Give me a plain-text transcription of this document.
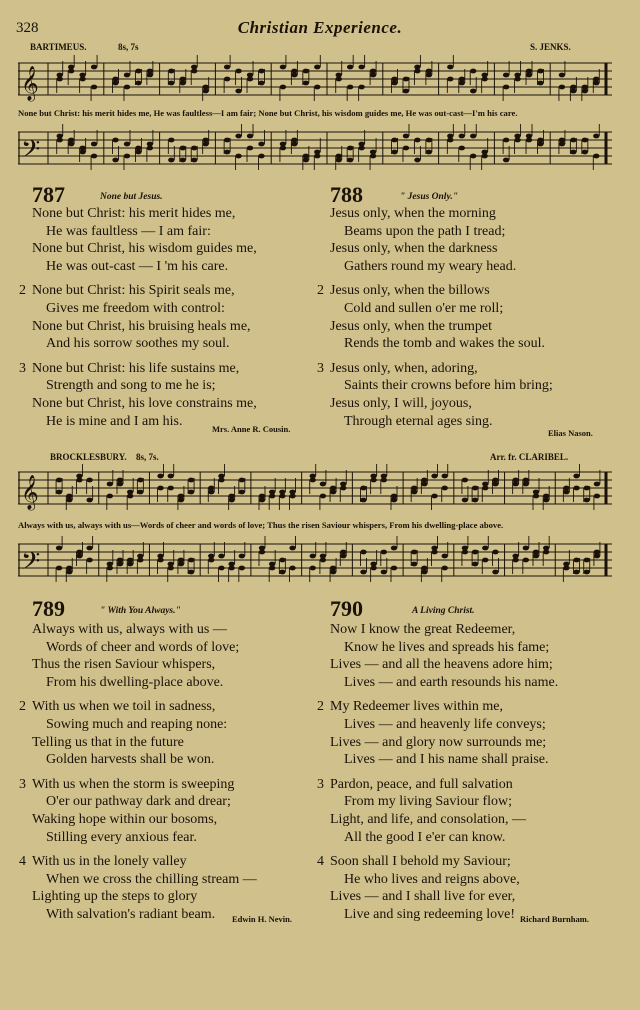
328	Christian Experience.
BARTIMEUS.	8s, 7s	S. JENKS.
𝄞
None but Christ: his merit hides me, He was faultless—I am fair; None but Christ, his wisdom guides me, He was out-cast—I'm his care.
𝄢
787	None but Jesus.
None but Christ: his merit hides me,
He was faultless — I am fair:
None but Christ, his wisdom guides me,
He was out-cast — I 'm his care.
2 None but Christ: his Spirit seals me,
Gives me freedom with control:
None but Christ, his bruising heals me,
And his sorrow soothes my soul.
3 None but Christ: his life sustains me,
Strength and song to me he is;
None but Christ, his love constrains me,
He is mine and I am his.
Mrs. Anne R. Cousin.
788	" Jesus Only."
Jesus only, when the morning
Beams upon the path I tread;
Jesus only, when the darkness
Gathers round my weary head.
2 Jesus only, when the billows
Cold and sullen o'er me roll;
Jesus only, when the trumpet
Rends the tomb and wakes the soul.
3 Jesus only, when, adoring,
Saints their crowns before him bring;
Jesus only, I will, joyous,
Through eternal ages sing.
Elias Nason.
BROCKLESBURY. 8s, 7s.	Arr. fr. CLARIBEL.
𝄞
Always with us, always with us—Words of cheer and words of love; Thus the risen Saviour whispers, From his dwelling-place above.
𝄢
789	" With You Always."
Always with us, always with us —
Words of cheer and words of love;
Thus the risen Saviour whispers,
From his dwelling-place above.
2 With us when we toil in sadness,
Sowing much and reaping none:
Telling us that in the future
Golden harvests shall be won.
3 With us when the storm is sweeping
O'er our pathway dark and drear;
Waking hope within our bosoms,
Stilling every anxious fear.
4 With us in the lonely valley
When we cross the chilling stream —
Lighting up the steps to glory
With salvation's radiant beam.	Edwin H. Nevin.
790	A Living Christ.
Now I know the great Redeemer,
Know he lives and spreads his fame;
Lives — and all the heavens adore him;
Lives — and earth resounds his name.
2 My Redeemer lives within me,
Lives — and heavenly life conveys;
Lives — and glory now surrounds me;
Lives — and I his name shall praise.
3 Pardon, peace, and full salvation
From my living Saviour flow;
Light, and life, and consolation, —
All the good I e'er can know.
4 Soon shall I behold my Saviour;
He who lives and reigns above,
Lives — and I shall live for ever,
Live and sing redeeming love! Richard Burnham.
